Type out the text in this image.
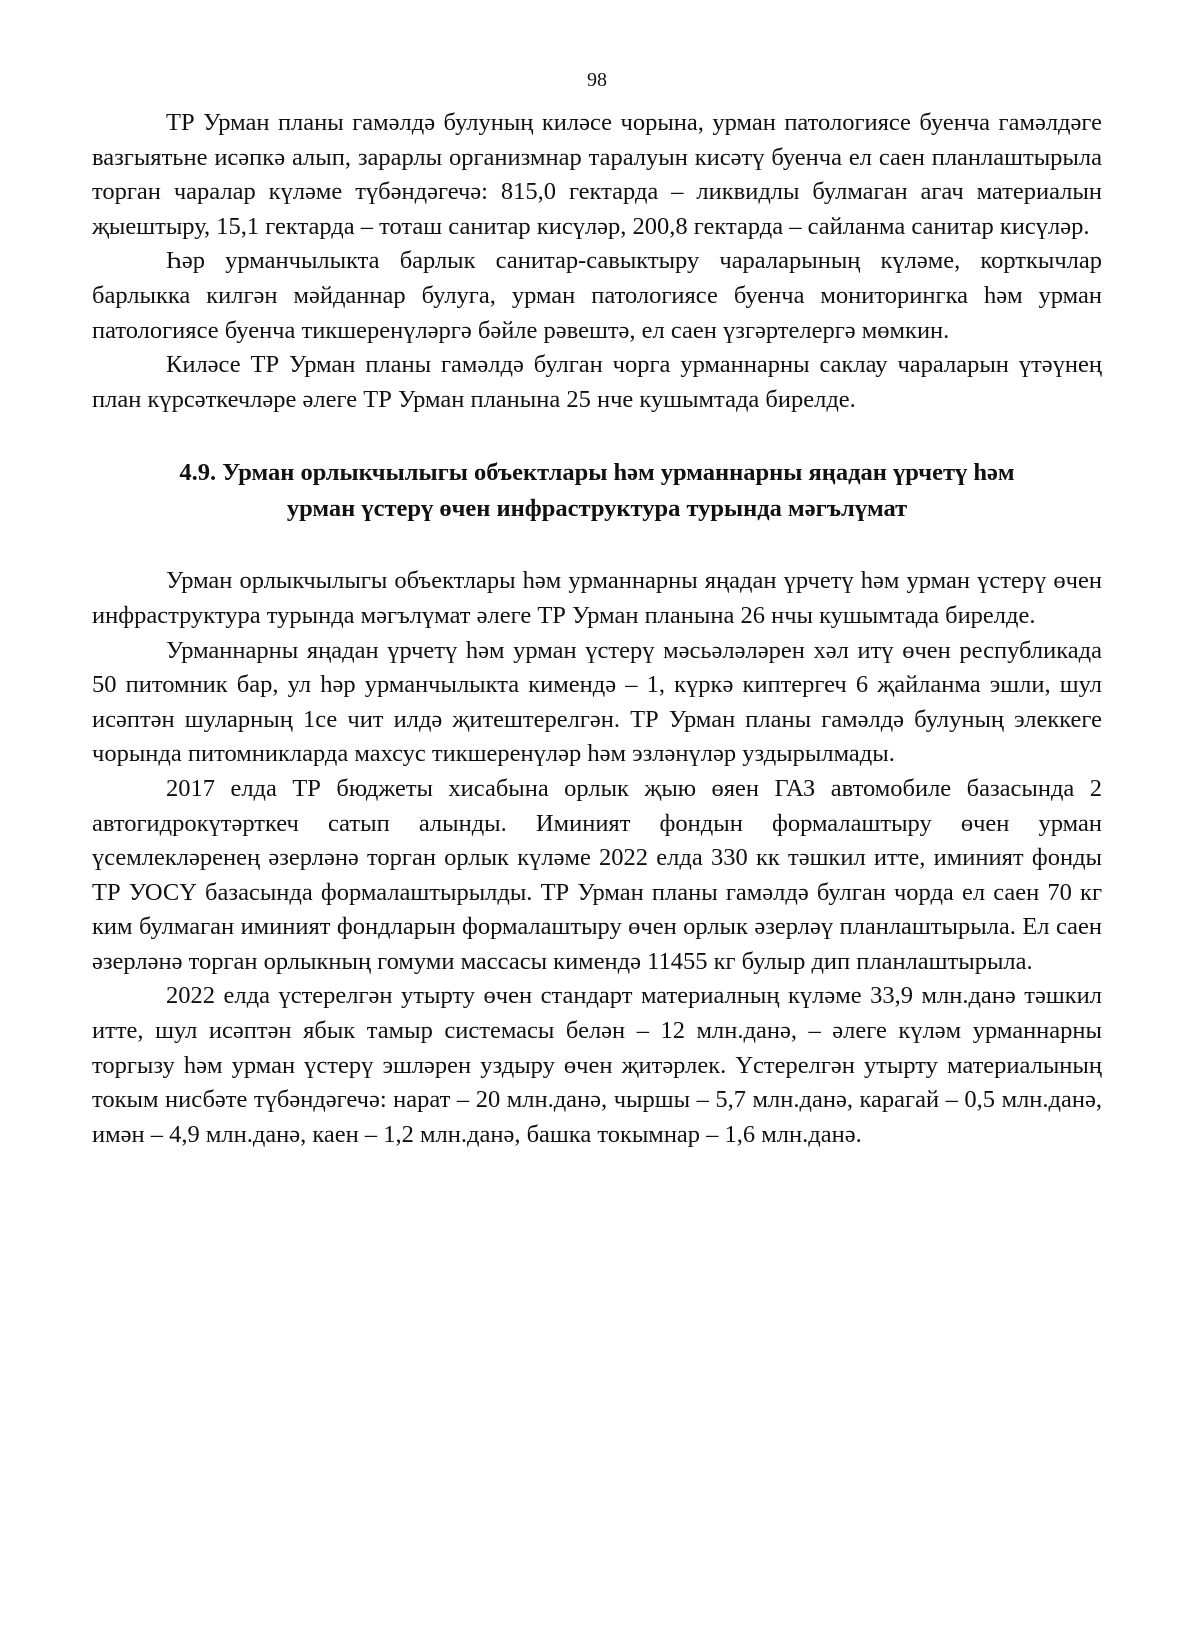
98

ТР Урман планы гамәлдә булуның киләсе чорына, урман патологиясе буенча гамәлдәге вазгыятьне исәпкә алып, зарарлы организмнар таралуын кисәтү буенча ел саен планлаштырыла торган чаралар күләме түбәндәгечә: 815,0 гектарда – ликвидлы булмаган агач материалын җыештыру, 15,1 гектарда – тоташ санитар кисүләр, 200,8 гектарда – сайланма санитар кисүләр.

Һәр урманчылыкта барлык санитар-савыктыру чараларының күләме, корткычлар барлыкка килгән мәйданнар булуга, урман патологиясе буенча мониторингка һәм урман патологиясе буенча тикшеренүләргә бәйле рәвештә, ел саен үзгәртелергә мөмкин.

Киләсе ТР Урман планы гамәлдә булган чорга урманнарны саклау чараларын үтәүнең план күрсәткечләре әлеге ТР Урман планына 25 нче кушымтада бирелде.

4.9. Урман орлыкчылыгы объектлары һәм урманнарны яңадан үрчетү һәм
урман үстерү өчен инфраструктура турында мәгълүмат

Урман орлыкчылыгы объектлары һәм урманнарны яңадан үрчетү һәм урман үстерү өчен инфраструктура турында мәгълүмат әлеге ТР Урман планына 26 нчы кушымтада бирелде.

Урманнарны яңадан үрчетү һәм урман үстерү мәсьәләләрен хәл итү өчен республикада 50 питомник бар, ул һәр урманчылыкта кимендә – 1, күркә киптергеч 6 җайланма эшли, шул исәптән шуларның 1се чит илдә җитештерелгән. ТР Урман планы гамәлдә булуның элеккеге чорында питомникларда махсус тикшеренүләр һәм эзләнүләр уздырылмады.

2017 елда ТР бюджеты хисабына орлык җыю өяен ГАЗ автомобиле базасында 2 автогидрокүтәрткеч сатып алынды. Иминият фондын формалаштыру өчен урман үсемлекләренең әзерләнә торган орлык күләме 2022 елда 330 кк тәшкил итте, иминият фонды ТР УОСҮ базасында формалаштырылды. ТР Урман планы гамәлдә булган чорда ел саен 70 кг ким булмаган иминият фондларын формалаштыру өчен орлык әзерләү планлаштырыла. Ел саен әзерләнә торган орлыкның гомуми массасы кимендә 11455 кг булыр дип планлаштырыла.

2022 елда үстерелгән утырту өчен стандарт материалның күләме 33,9 млн.данә тәшкил итте, шул исәптән ябык тамыр системасы белән – 12 млн.данә, – әлеге күләм урманнарны торгызу һәм урман үстерү эшләрен уздыру өчен җитәрлек. Үстерелгән утырту материалының токым нисбәте түбәндәгечә: нарат – 20 млн.данә, чыршы – 5,7 млн.данә, карагай – 0,5 млн.данә, имән – 4,9 млн.данә, каен – 1,2 млн.данә, башка токымнар – 1,6 млн.данә.
